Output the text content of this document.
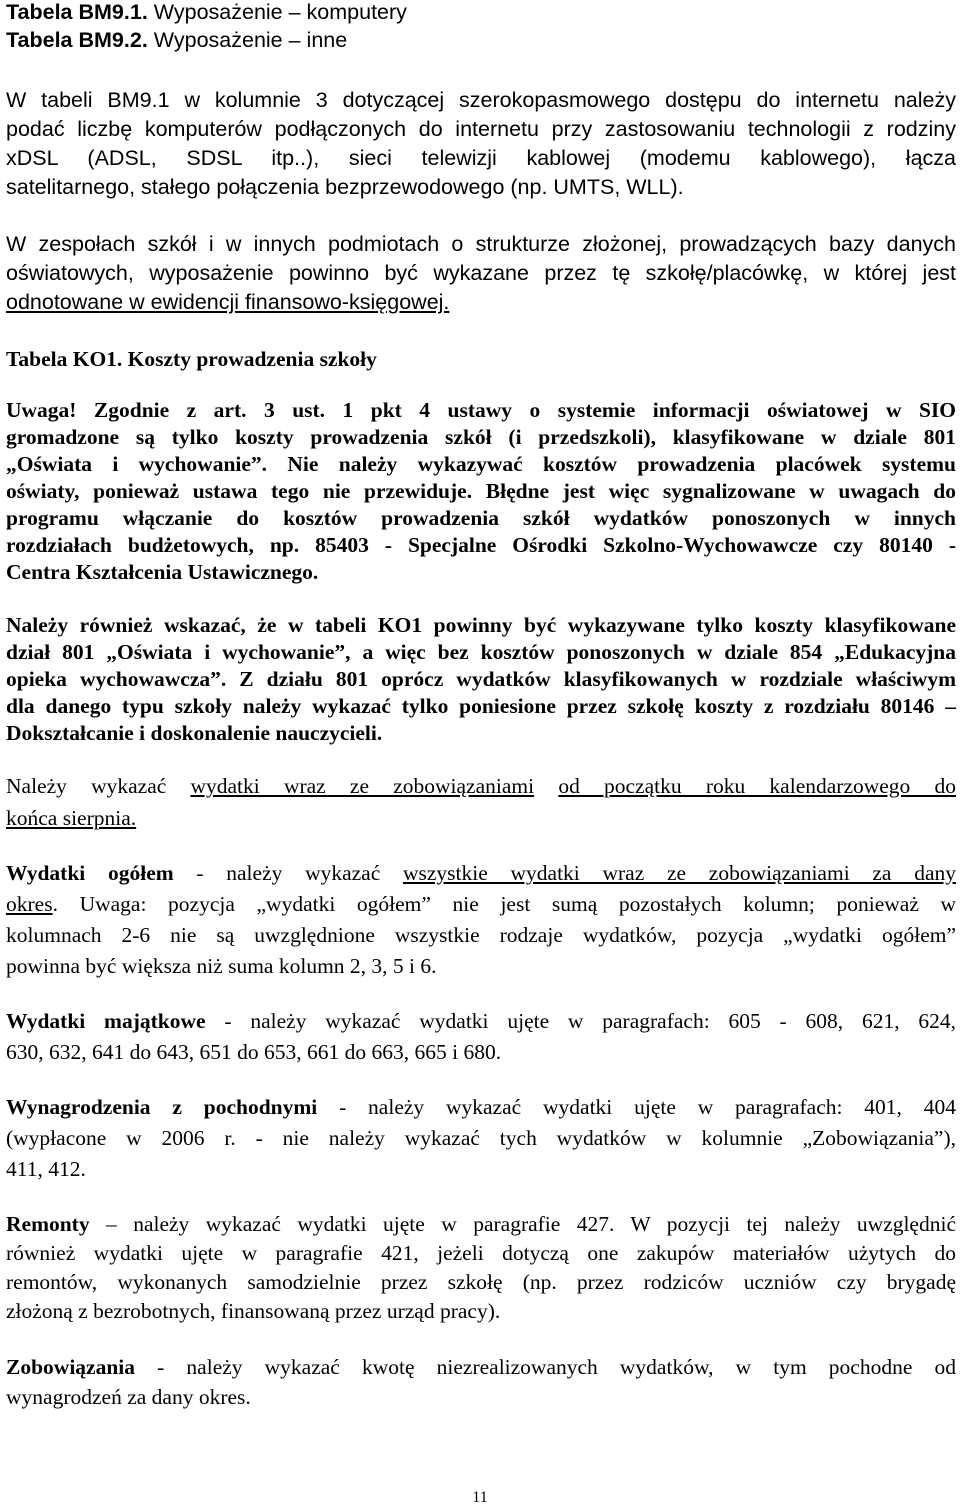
Tabela BM9.1. Wyposażenie – komputery
Tabela BM9.2. Wyposażenie – inne
W tabeli BM9.1 w kolumnie 3 dotyczącej szerokopasmowego dostępu do internetu należy
podać liczbę komputerów podłączonych do internetu przy zastosowaniu technologii z rodziny
xDSL (ADSL, SDSL itp..), sieci telewizji kablowej (modemu kablowego), łącza
satelitarnego, stałego połączenia bezprzewodowego (np. UMTS, WLL).
W zespołach szkół i w innych podmiotach o strukturze złożonej, prowadzących bazy danych
oświatowych, wyposażenie powinno być wykazane przez tę szkołę/placówkę, w której jest
odnotowane w ewidencji finansowo-księgowej.
Tabela KO1. Koszty prowadzenia szkoły
Uwaga! Zgodnie z art. 3 ust. 1 pkt 4 ustawy o systemie informacji oświatowej w SIO
gromadzone są tylko koszty prowadzenia szkół (i przedszkoli), klasyfikowane w dziale 801
„Oświata i wychowanie”. Nie należy wykazywać kosztów prowadzenia placówek systemu
oświaty, ponieważ ustawa tego nie przewiduje. Błędne jest więc sygnalizowane w uwagach do
programu włączanie do kosztów prowadzenia szkół wydatków ponoszonych w innych
rozdziałach budżetowych, np. 85403 - Specjalne Ośrodki Szkolno-Wychowawcze czy 80140 -
Centra Kształcenia Ustawicznego.
Należy również wskazać, że w tabeli KO1 powinny być wykazywane tylko koszty klasyfikowane
dział 801 „Oświata i wychowanie”, a więc bez kosztów ponoszonych w dziale 854 „Edukacyjna
opieka wychowawcza”. Z działu 801 oprócz wydatków klasyfikowanych w rozdziale właściwym
dla danego typu szkoły należy wykazać tylko poniesione przez szkołę koszty z rozdziału 80146 –
Dokształcanie i doskonalenie nauczycieli.
Należy wykazać wydatki wraz ze zobowiązaniami od początku roku kalendarzowego do
końca sierpnia.
Wydatki ogółem - należy wykazać wszystkie wydatki wraz ze zobowiązaniami za dany
okres. Uwaga: pozycja „wydatki ogółem” nie jest sumą pozostałych kolumn; ponieważ w
kolumnach 2-6 nie są uwzględnione wszystkie rodzaje wydatków, pozycja „wydatki ogółem”
powinna być większa niż suma kolumn 2, 3, 5 i 6.
Wydatki majątkowe - należy wykazać wydatki ujęte w paragrafach: 605 - 608, 621, 624,
630, 632, 641 do 643, 651 do 653, 661 do 663, 665 i 680.
Wynagrodzenia z pochodnymi - należy wykazać wydatki ujęte w paragrafach: 401, 404
(wypłacone w 2006 r. - nie należy wykazać tych wydatków w kolumnie „Zobowiązania”),
411, 412.
Remonty – należy wykazać wydatki ujęte w paragrafie 427. W pozycji tej należy uwzględnić
również wydatki ujęte w paragrafie 421, jeżeli dotyczą one zakupów materiałów użytych do
remontów, wykonanych samodzielnie przez szkołę (np. przez rodziców uczniów czy brygadę
złożoną z bezrobotnych, finansowaną przez urząd pracy).
Zobowiązania - należy wykazać kwotę niezrealizowanych wydatków, w tym pochodne od
wynagrodzeń za dany okres.
11
